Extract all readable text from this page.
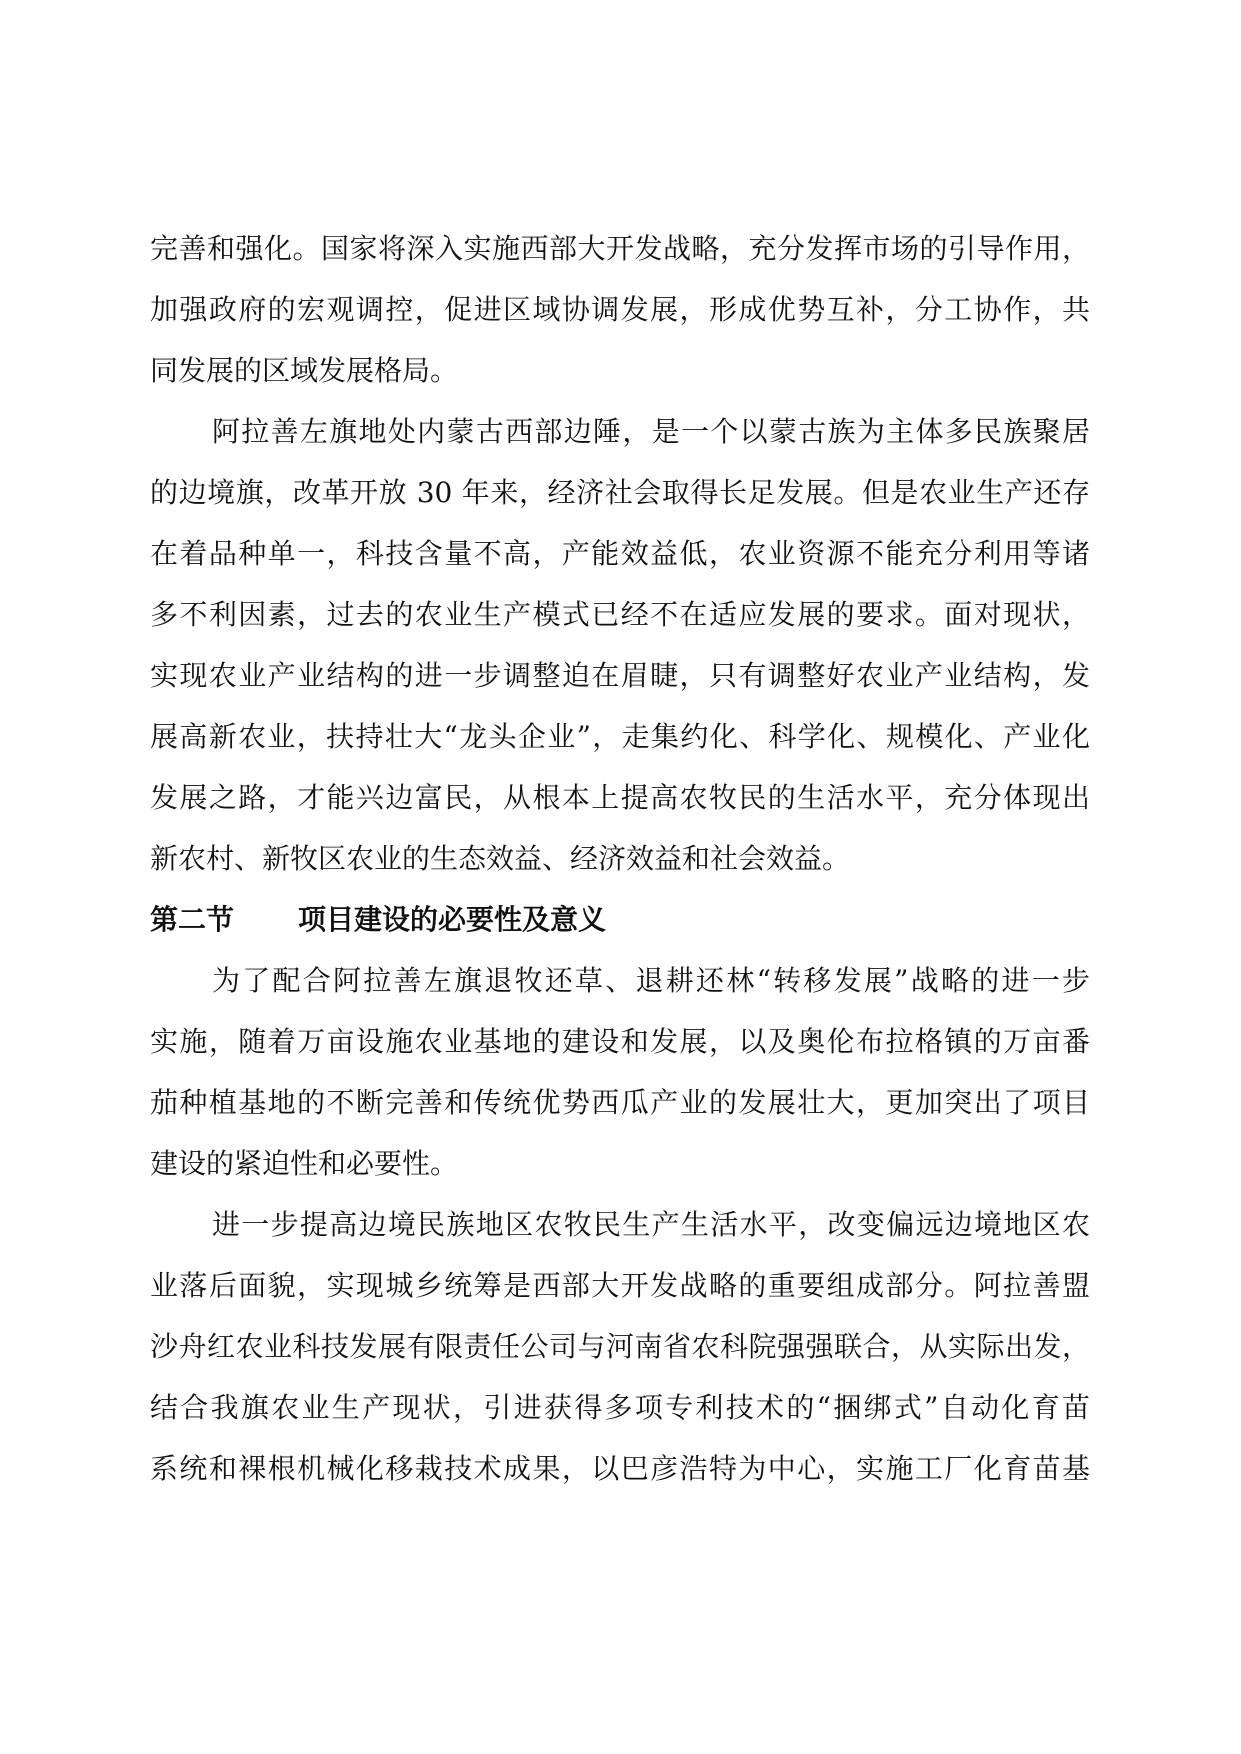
完善和强化。国家将深入实施西部大开发战略，充分发挥市场的引导作用，
加强政府的宏观调控，促进区域协调发展，形成优势互补，分工协作，共
同发展的区域发展格局。
阿拉善左旗地处内蒙古西部边陲，是一个以蒙古族为主体多民族聚居
的边境旗，改革开放 30 年来，经济社会取得长足发展。但是农业生产还存
在着品种单一，科技含量不高，产能效益低，农业资源不能充分利用等诸
多不利因素，过去的农业生产模式已经不在适应发展的要求。面对现状，
实现农业产业结构的进一步调整迫在眉睫，只有调整好农业产业结构，发
展高新农业，扶持壮大“龙头企业”，走集约化、科学化、规模化、产业化
发展之路，才能兴边富民，从根本上提高农牧民的生活水平，充分体现出
新农村、新牧区农业的生态效益、经济效益和社会效益。
第二节 项目建设的必要性及意义
为了配合阿拉善左旗退牧还草、退耕还林“转移发展”战略的进一步
实施，随着万亩设施农业基地的建设和发展，以及奥伦布拉格镇的万亩番
茄种植基地的不断完善和传统优势西瓜产业的发展壮大，更加突出了项目
建设的紧迫性和必要性。
进一步提高边境民族地区农牧民生产生活水平，改变偏远边境地区农
业落后面貌，实现城乡统筹是西部大开发战略的重要组成部分。阿拉善盟
沙舟红农业科技发展有限责任公司与河南省农科院强强联合，从实际出发，
结合我旗农业生产现状，引进获得多项专利技术的“捆绑式”自动化育苗
系统和裸根机械化移栽技术成果，以巴彦浩特为中心，实施工厂化育苗基
